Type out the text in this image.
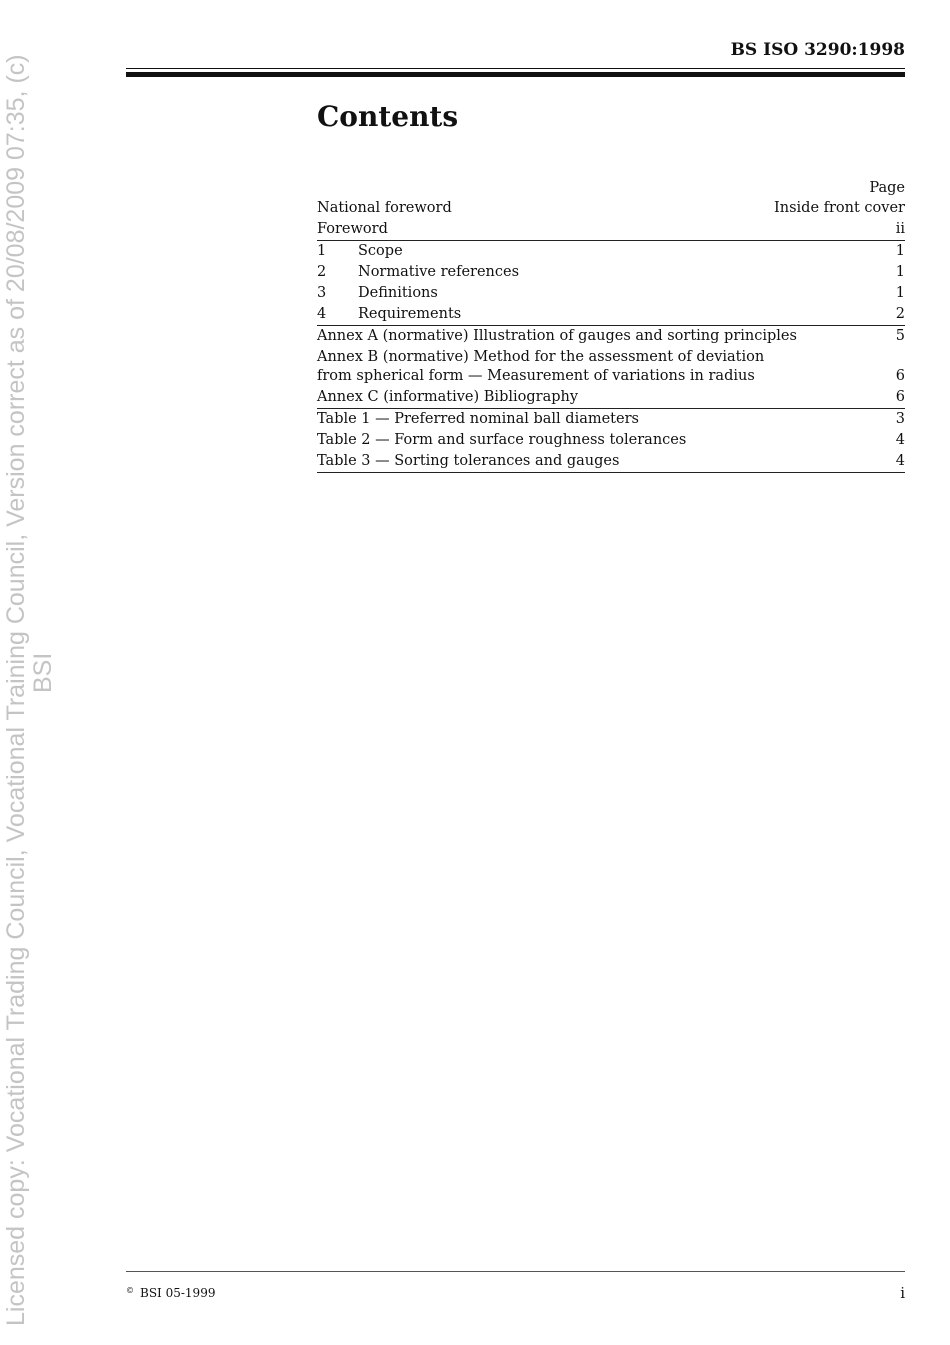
Licensed copy: Vocational Trading Council, Vocational Training Council, Version correct as of 20/08/2009 07:35, (c) BSI
BS ISO 3290:1998
Contents
Page
National foreword	Inside front cover
Foreword	ii
1 Scope	1
2 Normative references	1
3 Definitions	1
4 Requirements	2
Annex A (normative) Illustration of gauges and sorting principles	5
Annex B (normative) Method for the assessment of deviation
from spherical form — Measurement of variations in radius	6
Annex C (informative) Bibliography	6
Table 1 — Preferred nominal ball diameters	3
Table 2 — Form and surface roughness tolerances	4
Table 3 — Sorting tolerances and gauges	4
© BSI 05-1999	i
